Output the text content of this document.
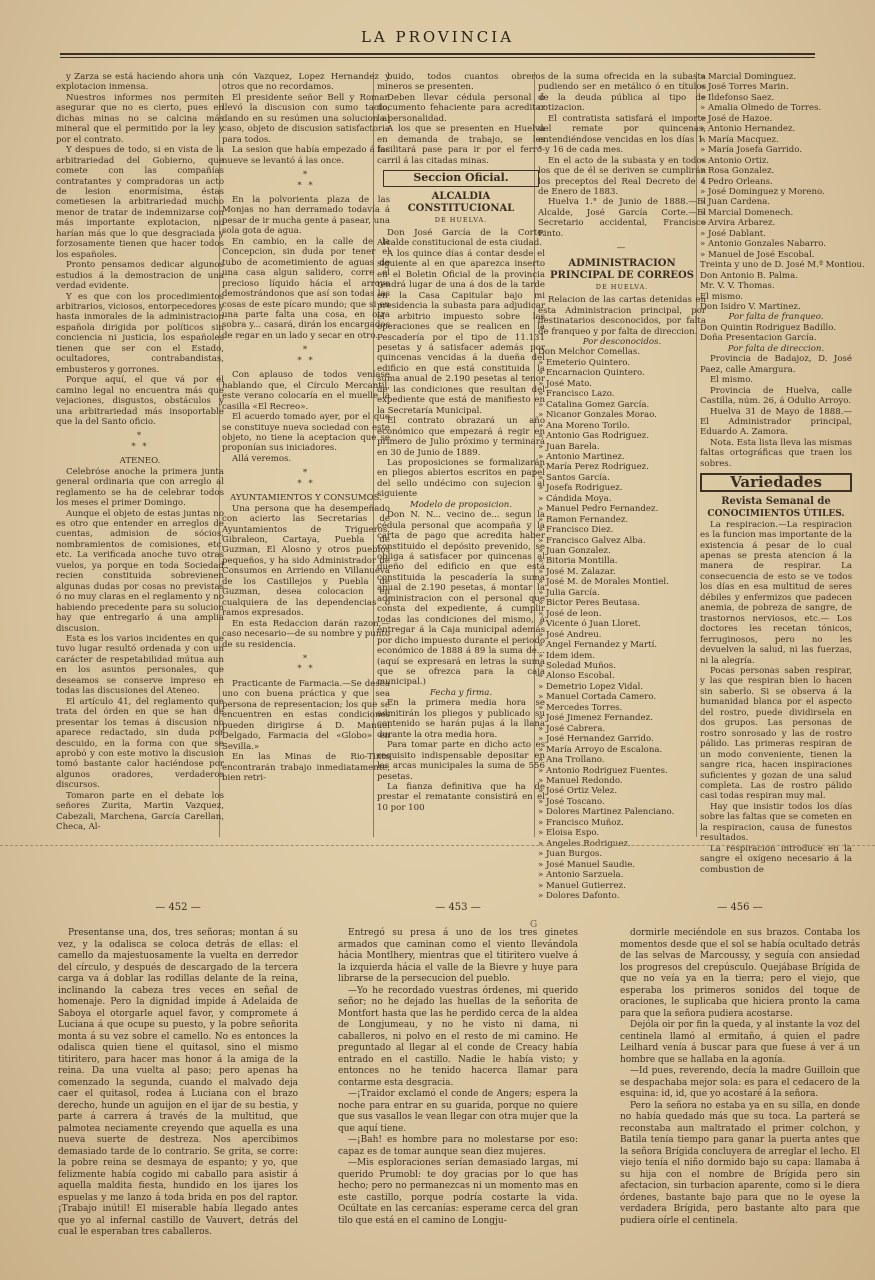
LA PROVINCIA

y Zarza se está haciendo ahora una explotacion inmensa.

Nuestros informes nos permiten asegurar que no es cierto, pues en dichas minas no se calcina más mineral que el permitido por la ley y por el contrato.

Y despues de todo, si en vista de la arbitrariedad del Gobierno, que comete con las compañías contratantes y compradoras un acto de lesion enormísima, éstas cometiesen la arbitrariedad mucho menor de tratar de indemnizarse con más importante explotacion, no harían más que lo que desgraciada y forzosamente tienen que hacer todos los españoles.

Pronto pensamos dedicar algunos estudios á la demostracion de una verdad evidente.

Y es que con los procedimientos arbitrarios, viciosos, entorpecedores y hasta inmorales de la administracion española dirigida por políticos sin conciencia ni justicia, los españoles tienen que ser con el Estado, ocultadores, contrabandistas, embusteros y gorrones.

Porque aquí, el que vá por el camino legal no encuentra más que vejaciones, disgustos, obstáculos y una arbitrariedad más insoportable que la del Santo oficio.

*
* *

ATENEO.

Celebróse anoche la primera junta general ordinaria que con arreglo al reglamento se ha de celebrar todos los meses el primer Domingo.

Aunque el objeto de estas juntas no es otro que entender en arreglos de cuentas, admision de sócios, nombramientos de comisiones, etc. etc. La verificada anoche tuvo otras vuelos, ya porque en toda Sociedad recien constituida sobrevienen algunas dudas por cosas no previstas ó no muy claras en el reglamento y no habiendo precedente para su solucion hay que entregarlo á una amplia discusion.

Esta es los varios incidentes en que tuvo lugar resultó ordenada y con un carácter de respetabilidad mútua aun en los asuntos personales, que deseamos se conserve impreso en todas las discusiones del Ateneo.

El artículo 41, del reglamento que trata del órden en que se han de presentar los temas á discusion no aparece redactado, sin duda por descuido, en la forma con que se aprobó y con este motivo la discusion tomó bastante calor haciéndose por algunos oradores, verdaderos discursos.

Tomaron parte en el debate los señores Zurita, Martin Vazquez, Cabezali, Marchena, García Carellan, Checa, Al-

cón Vazquez, Lopez Hernandez y otros que no recordamos.

El presidente señor Bell y Roman llevó la discusion con sumo tacto, dando en su resúmen una solucion al caso, objeto de discusion satisfactoria para todos.

La sesion que había empezado á las nueve se levantó á las once.

*
* *

En la polvorienta plaza de las Monjas no han derramado todavía á pesar de ir mucha gente á pasear, una sola gota de agua.

En cambio, en la calle de la Concepcion, sin duda por tener el tubo de acometimiento de aguas de una casa algun salidero, corre el precioso líquido hácia el arroyo demostrándonos que así son todas las cosas de este pícaro mundo; que si en una parte falta una cosa, en otra sobra y... casará, dirán los encargados de regar en un lado y secar en otro.

*
* *

Con aplauso de todos veníase hablando que, el Círculo Mercantil, este verano colocaría en el muelle la casilla «El Recreo».

El acuerdo tomado ayer, por el que se constituye nueva sociedad con este objeto, no tiene la aceptacion que se proponían sus iniciadores.

Allá veremos.

*
* *

AYUNTAMIENTOS Y CONSUMOS.

Una persona que ha desempeñado con acierto las Secretarías de Ayuntamientos de Trigueros, Gibraleon, Cartaya, Puebla de Guzman, El Alosno y otros pueblos pequeños, y ha sido Administrador de Consumos en Arriendo en Villanueva de los Castillejos y Puebla de Guzman, desea colocacion en cualquiera de las dependencias ó ramos expresados.

En esta Redaccion darán razon,—caso necesario—de su nombre y punto de su residencia.

*
* *

Practicante de Farmacia.—Se desea uno con buena práctica y que sea persona de representacion; los que se encuentren en estas condiciones pueden dirigirse á D. Manuel Delgado, Farmacia del «Globo» en Sevilla.»

En las Minas de Rio-Tinto encontrarán trabajo inmediatamente, bien retri-

buido, todos cuantos obreros mineros se presenten.

Deben llevar cédula personal ó documento fehaciente para acreditar la personalidad.

A los que se presenten en Huelva en demanda de trabajo, se les facilitará pase para ir por el ferro-carril á las citadas minas.

Seccion Oficial.

ALCALDIA CONSTITUCIONAL

DE HUELVA.

Don José García de la Corte, Alcalde constitucional de esta ciudad.

A los quince días á contar desde el siguiente al en que aparezca inserto en el Boletin Oficial de la provincia tendrá lugar de una á dos de la tarde en la Casa Capitular bajo mi presidencia la subasta para adjudicar el arbitrio impuesto sobre las operaciones que se realicen en la Pescadería por el tipo de 11.131 pesetas y á satisfacer además por quincenas vencidas á la dueña del edificio en que está constituida la suma anual de 2.190 pesetas al tenor de las condiciones que resultan del expediente que está de manifiesto en la Secretaría Municipal.

El contrato obrazará un año económico que empezará á regir en primero de Julio próximo y terminará en 30 de Junio de 1889.

Las proposiciones se formalizarán en pliegos abiertos escritos en papel del sello undécimo con sujecion al siguiente

Modelo de proposicion.

Don N. N... vecino de... segun la cédula personal que acompaña y la carta de pago que acredita haber constituido el depósito prevenido, se obliga á satisfacer por quincenas al dueño del edificio en que está constituida la pescadería la suma anual de 2.190 pesetas, á montar la administracion con el personal que consta del expediente, á cumplir todas las condiciones del mismo, á entregar á la Caja municipal además por dicho impuesto durante el periodo económico de 1888 á 89 la suma de... (aquí se expresará en letras la suma que se ofrezca para la caja municipal.)

Fecha y firma.

En la primera media hora se admitirán los pliegos y publicado su contenido se harán pujas á la llana durante la otra media hora.

Para tomar parte en dicho acto es requisito indispensable depositar en las arcas municipales la suma de 556 pesetas.

La fianza definitiva que ha de prestar el rematante consistirá en el 10 por 100

de la suma ofrecida en la subasta pudiendo ser en metálico ó en títulos de la deuda pública al tipo de cotizacion.

El contratista satisfará el importe del remate por quincenas, entendiéndose vencidas en los días 1.° y 16 de cada mes.

En el acto de la subasta y en todos los que de él se deriven se cumplirán los preceptos del Real Decreto de 4 de Enero de 1883.

Huelva 1.° de Junio de 1888.—El Alcalde, José García Corte.—El Secretario accidental, Francisco Pinto.

—

ADMINISTRACION PRINCIPAL DE CORREOS

DE HUELVA.

Relacion de las cartas detenidas en esta Administracion principal, por destinatarios desconocidos, por falta de franqueo y por falta de direccion.

Por desconocidos.

Don Melchor Comellas.
» Emeterio Quintero.
» Encarnacion Quintero.
» José Mato.
» Francisco Lazo.
» Catalina Gomez García.
» Nicanor Gonzales Morao.
» Ana Moreno Torilo.
» Antonio Gas Rodriguez.
» Juan Barela.
» Antonio Martinez.
» María Perez Rodriguez.
» Santos García.
» Josefa Rodriguez.
» Cándida Moya.
» Manuel Pedro Fernandez.
» Ramon Fernandez.
» Francisco Diez.
» Francisco Galvez Alba.
» Juan Gonzalez.
» Bitoria Montilla.
» José M. Zalazar.
» José M. de Morales Montiel.
» Julia García.
» Bictor Peres Beutasa.
» José de leon.
» Vicente ó Juan Lloret.
» José Andreu.
» Angel Fernandez y Martí.
» Idem idem.
» Soledad Muños.
» Alonso Escobal.
» Demetrio Lopez Vidal.
» Manuel Cortada Camero.
» Mercedes Torres.
» José Jimenez Fernandez.
» José Cabrera.
» José Hernandez Garrido.
» María Arroyo de Escalona.
» Ana Trollano.
» Antonio Rodriguez Fuentes.
» Manuel Redondo.
» José Ortiz Velez.
» José Toscano.
» Dolores Martinez Palenciano.
» Francisco Muñoz.
» Eloisa Espo.
» Angeles Rodriguez.
» Juan Burgos.
» José Manuel Saudie.
» Antonio Sarzuela.
» Manuel Gutierrez.
» Dolores Dafonto.
» Marcial Dominguez.
» José Torres Marin.
» Ildefonso Saez.
» Amalia Olmedo de Torres.
» José de Hazoe.
» Antonio Hernandez.
» María Macquez.
» María Josefa Garrido.
» Antonio Ortiz.
» Rosa Gonzalez.
» Pedro Orleans.
» José Dominguez y Moreno.
» Juan Cardena.
» Marcial Domenech.
» Arvira Arbarez.
» José Dablant.
» Antonio Gonzales Nabarro.
» Manuel de José Escobal.
Treinta y uno de D. José M.ª Montiou.
Don Antonio B. Palma.
Mr. V. V. Thomas.
El mismo.
Don Isidro V. Martinez.

Por falta de franqueo.

Don Quintin Rodriguez Badillo.
Doña Presentacion García.

Por falta de direccion.

Provincia de Badajoz, D. José Paez, calle Amargura.

El mismo.

Provincia de Huelva, calle Castilla, núm. 26, á Odulio Arroyo.

Huelva 31 de Mayo de 1888.—El Administrador principal, Eduardo A. Zamora.

Nota. Esta lista lleva las mismas faltas ortográficas que traen los sobres.

Variedades

Revista Semanal de

CONOCIMIENTOS ÚTILES.

La respiracion.—La respiracion es la funcion mas importante de la existencia á pesar de lo cual apenas se presta atencion á la manera de respirar. La consecuencia de esto se ve todos los días en esa multitud de seres débiles y enfermizos que padecen anemia, de pobreza de sangre, de trastornos nerviosos, etc.— Los doctores les recetan tónicos, ferruginosos, pero no les devuelven la salud, ni las fuerzas, ni la alegría.

Pocas personas saben respirar, y las que respiran bien lo hacen sin saberlo. Si se observa á la humanidad blanca por el aspecto del rostro, puede dividirsela en dos grupos. Las personas de rostro sonrosado y las de rostro pálido. Las primeras respiran de un modo conveniente, tienen la sangre rica, hacen inspiraciones suficientes y gozan de una salud completa. Las de rostro pálido casi todas respiran muy mal.

Hay que insistir todos los días sobre las faltas que se cometen en la respiracion, causa de funestos resultados.

La respiracion introduce en la sangre el oxígeno necesario á la combustion de

G
— 452 —	— 453 —	— 456 —

Presentanse una, dos, tres señoras; montan á su vez, y la odalisca se coloca detrás de ellas: el camello da majestuosamente la vuelta en derredor del círculo, y después de descargado de la tercera carga va á doblar las rodillas delante de la reina, inclinando la cabeza tres veces en señal de homenaje. Pero la dignidad impide á Adelaida de Saboya el otorgarle aquel favor, y compromete á Luciana á que ocupe su puesto, y la pobre señorita monta á su vez sobre el camello. No es entonces la odalisca quien tiene el quitasol, sino el mismo titiritero, para hacer mas honor á la amiga de la reina. Da una vuelta al paso; pero apenas ha comenzado la segunda, cuando el malvado deja caer el quitasol, rodea á Luciana con el brazo derecho, hunde un aguijon en el ijar de su bestia, y parte á carrera á través de la multitud, que palmotea neciamente creyendo que aquella es una nueva suerte de destreza. Nos apercibimos demasiado tarde de lo contrario. Se grita, se corre: la pobre reina se desmaya de espanto; y yo, que felizmente había cogido mi caballo para asistir á aquella maldita fiesta, hundido en los ijares los espuelas y me lanzo á toda brida en pos del raptor. ¡Trabajo inútil! El miserable había llegado antes que yo al infernal castillo de Vauvert, detrás del cual le esperaban tres caballeros.

Entregó su presa á uno de los tres ginetes armados que caminan como el viento llevándola hácia Montlhery, mientras que el titiritero vuelve á la izquierda hácia el valle de la Bievre y huye para librarse de la persecucion del pueblo.

—Yo he recordado vuestras órdenes, mi querido señor; no he dejado las huellas de la señorita de Montfort hasta que las he perdido cerca de la aldea de Longjumeau, y no he visto ni dama, ni caballeros, ni polvo en el resto de mi camino. He preguntado al llegar al el conde de Creacy había entrado en el castillo. Nadie le había visto; y entonces no he tenido hacerca llamar para contarme esta desgracia.

—¡Traidor exclamó el conde de Angers; espera la noche para entrar en su guarida, porque no quiere que sus vasallos le vean llegar con otra mujer que la que aquí tiene.

—¡Bah! es hombre para no molestarse por eso: capaz es de tomar aunque sean diez mujeres.

—Mis esploraciones serían demasiado largas, mi querido Prumobl: te doy gracias por lo que has hecho; pero no permanezcas ni un momento mas en este castillo, porque podría costarte la vida. Ocúltate en las cercanías: esperame cerca del gran tilo que está en el camino de Longju-

dormirle meciéndole en sus brazos. Contaba los momentos desde que el sol se había ocultado detrás de las selvas de Marcoussy, y seguía con ansiedad los progresos del crepúsculo. Quejábase Brígida de que no veía ya en la tierra; pero el viejo, que esperaba los primeros sonidos del toque de oraciones, le suplicaba que hiciera pronto la cama para que la señora pudiera acostarse.

Dejóla oir por fin la queda, y al instante la voz del centinela llamó al ermitaño, á quien el padre Leilhard venía á buscar para que fuese á ver á un hombre que se hallaba en la agonía.

—Id pues, reverendo, decía la madre Guilloin que se despachaba mejor sola: es para el cedacero de la esquina: id, id, que yo acostaré á la señora.

Pero la señora no estaba ya en su silla, en donde no había quedado más que su toca. La parterá se reconstaba aun maltratado el primer colchon, y Batila tenía tiempo para ganar la puerta antes que la señora Brígida concluyera de arreglar el lecho. El viejo tenía el niño dormido bajo su capa: llamaba á su hija con el nombre de Brígida pero sin afectacion, sin turbacion aparente, como si le diera órdenes, bastante bajo para que no le oyese la verdadera Brígida, pero bastante alto para que pudiera oírle el centinela.
